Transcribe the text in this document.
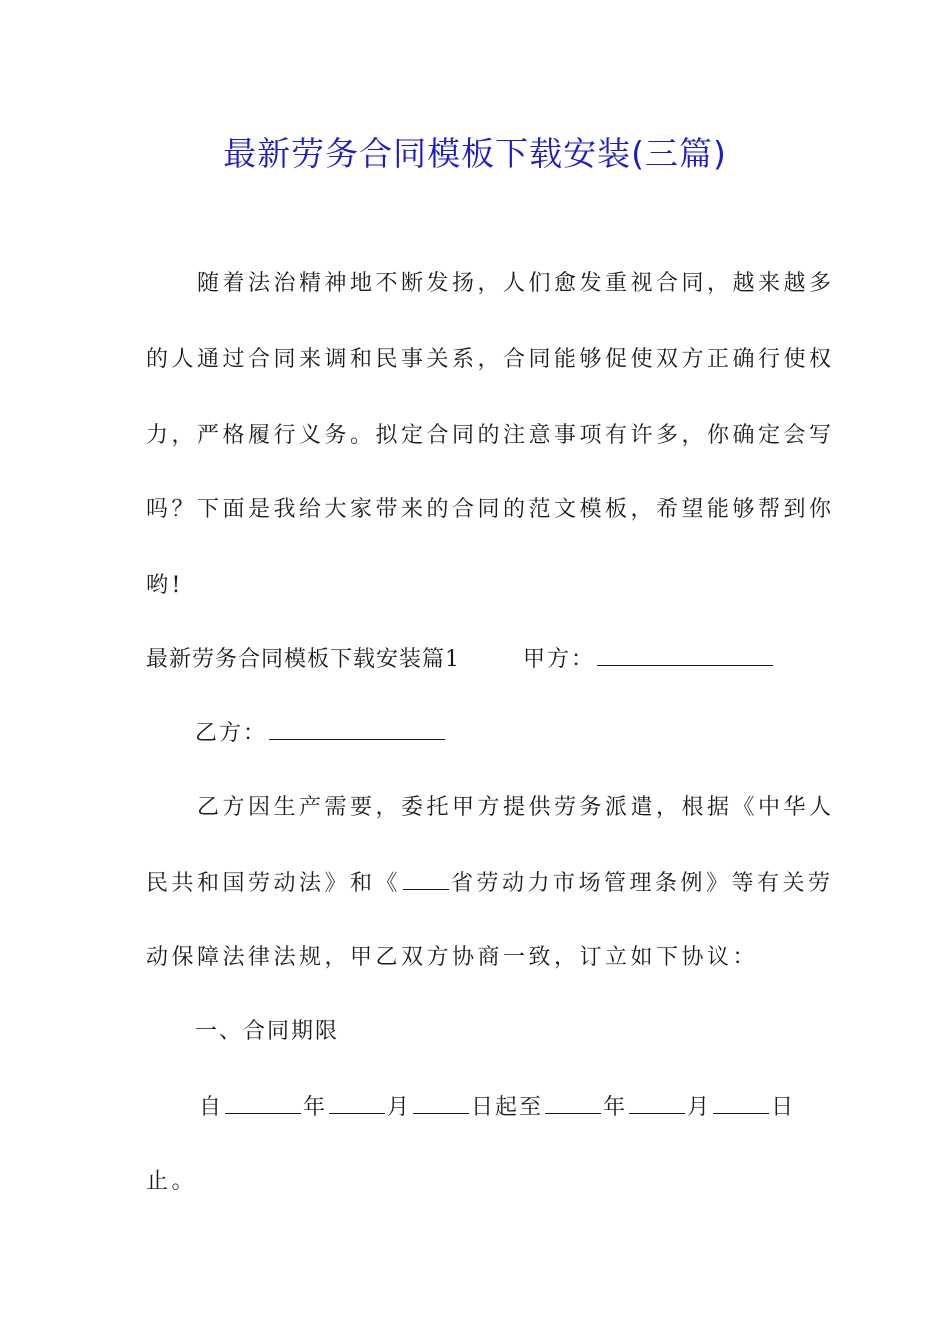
最新劳务合同模板下载安装(三篇)
随着法治精神地不断发扬，人们愈发重视合同，越来越多
的人通过合同来调和民事关系，合同能够促使双方正确行使权
力，严格履行义务。拟定合同的注意事项有许多，你确定会写
吗？下面是我给大家带来的合同的范文模板，希望能够帮到你
哟!
最新劳务合同模板下载安装篇1	甲方：
乙方：
乙方因生产需要，委托甲方提供劳务派遣，根据《中华人
民共和国劳动法》和《 省劳动力市场管理条例》等有关劳
动保障法律法规，甲乙双方协商一致，订立如下协议：
一、合同期限
自	年	月	日起至	年	月	日
止。
